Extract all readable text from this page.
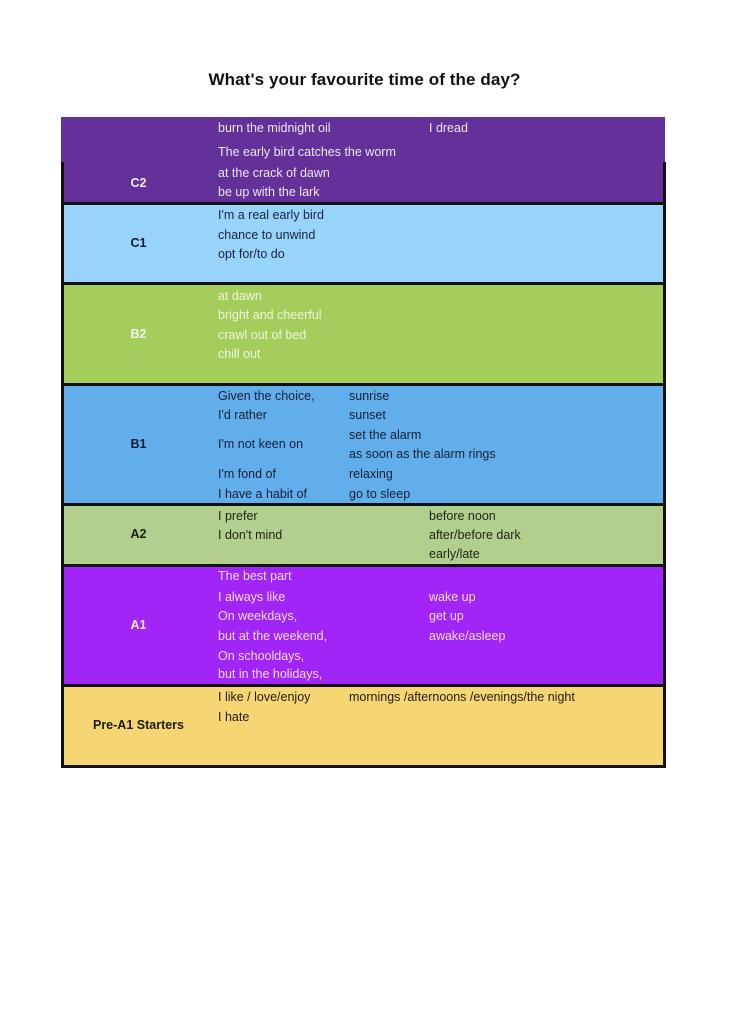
What's your favourite time of the day?
C2
burn the midnight oil
The early bird catches the worm
at the crack of dawn
be up with the lark
I dread
C1
I'm a real early bird
chance to unwind
opt for/to do
B2
at dawn
bright and cheerful
crawl out of bed
chill out
B1
Given the choice,
I'd rather
I'm not keen on
I'm fond of
I have a habit of
sunrise
sunset
set the alarm
as soon as the alarm rings
relaxing
go to sleep
A2
I prefer
I don't mind
before noon
after/before dark
early/late
A1
The best part
I always like
On weekdays,
but at the weekend,
On schooldays,
but in the holidays,
wake up
get up
awake/asleep
Pre-A1 Starters
I like / love/enjoy
I hate
mornings /afternoons /evenings/the night
